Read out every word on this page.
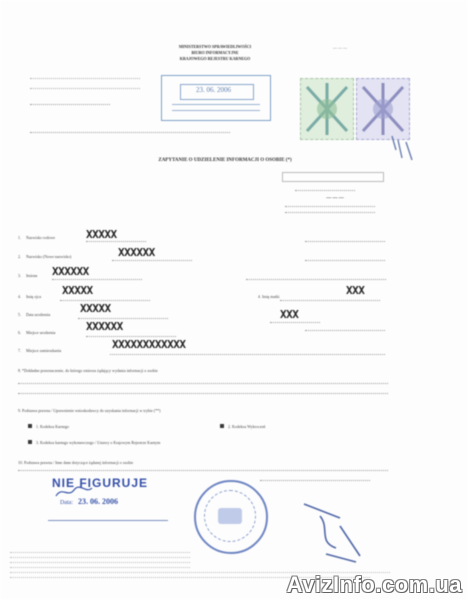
MINISTERSTWO SPRAWIEDLIWOŚCI
BIURO INFORMACYJNE
KRAJOWEGO REJESTRU KARNEGO
— — —
23. 06. 2006
ZAPYTANIE O UDZIELENIE INFORMACJI O OSOBIE (*)
— — —
1. Nazwisko rodowe	XXXXX
2. Nazwisko (Nowe nazwisko)	XXXXXX
3. Imiona XXXXXX
4. Imię ojca XXXXX	4. Imię matki	XXX
5. Data urodzenia	XXXXX	XXX
6. Miejsce urodzenia	XXXXXX
7. Miejsce zamieszkania	XXXXXXXXXXXX
8. *Dokładne przeznaczenie, do którego zmierza żądający wydania informacji o osobie
9. Podstawa prawna / Uprawnienie wnioskodawcy do uzyskania informacji w trybie (**)
1. Kodeksu Karnego	2. Kodeksu Wykroczeń
3. Kodeksu karnego wykonawczego / Ustawy o Krajowym Rejestrze Karnym
10. Podstawa prawna / Inne dane dotyczące żądanej informacji o osobie
NIE FIGURUJE
Data: 23. 06. 2006
AvizInfo.com.ua
